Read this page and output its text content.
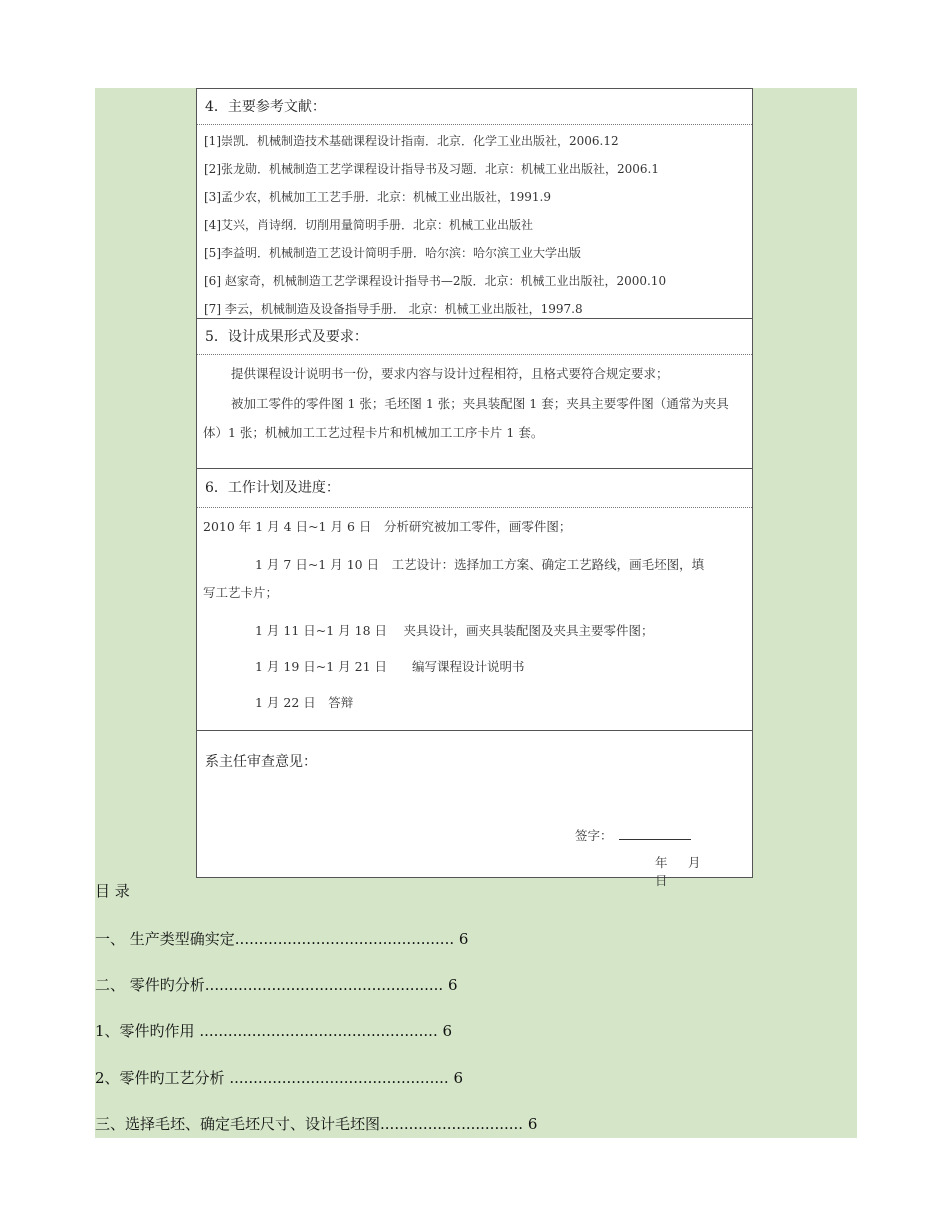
4．主要参考文献：
[1]崇凯．机械制造技术基础课程设计指南．北京．化学工业出版社，2006.12
[2]张龙勋．机械制造工艺学课程设计指导书及习题．北京：机械工业出版社，2006.1
[3]孟少农，机械加工工艺手册．北京：机械工业出版社，1991.9
[4]艾兴，肖诗纲．切削用量简明手册．北京：机械工业出版社
[5]李益明．机械制造工艺设计简明手册．哈尔滨：哈尔滨工业大学出版
[6] 赵家奇，机械制造工艺学课程设计指导书—2版．北京：机械工业出版社，2000.10
[7] 李云，机械制造及设备指导手册． 北京：机械工业出版社，1997.8
5．设计成果形式及要求：
提供课程设计说明书一份，要求内容与设计过程相符，且格式要符合规定要求；
被加工零件的零件图 1 张；毛坯图 1 张；夹具装配图 1 套；夹具主要零件图（通常为夹具体）1 张；机械加工工艺过程卡片和机械加工工序卡片 1 套。
6．工作计划及进度：
2010 年 1 月 4 日~1 月 6 日　分析研究被加工零件，画零件图；
1 月 7 日~1 月 10 日　工艺设计：选择加工方案、确定工艺路线，画毛坯图，填
写工艺卡片；
1 月 11 日~1 月 18 日　 夹具设计，画夹具装配图及夹具主要零件图；
1 月 19 日~1 月 21 日　　编写课程设计说明书
1 月 22 日　答辩
系主任审查意见：
签字：
年 月日
目 录
一、 生产类型确实定.............................................. 6
二、 零件旳分析.................................................. 6
1、零件旳作用 .................................................. 6
2、零件旳工艺分析 .............................................. 6
三、选择毛坯、确定毛坯尺寸、设计毛坯图.............................. 6
